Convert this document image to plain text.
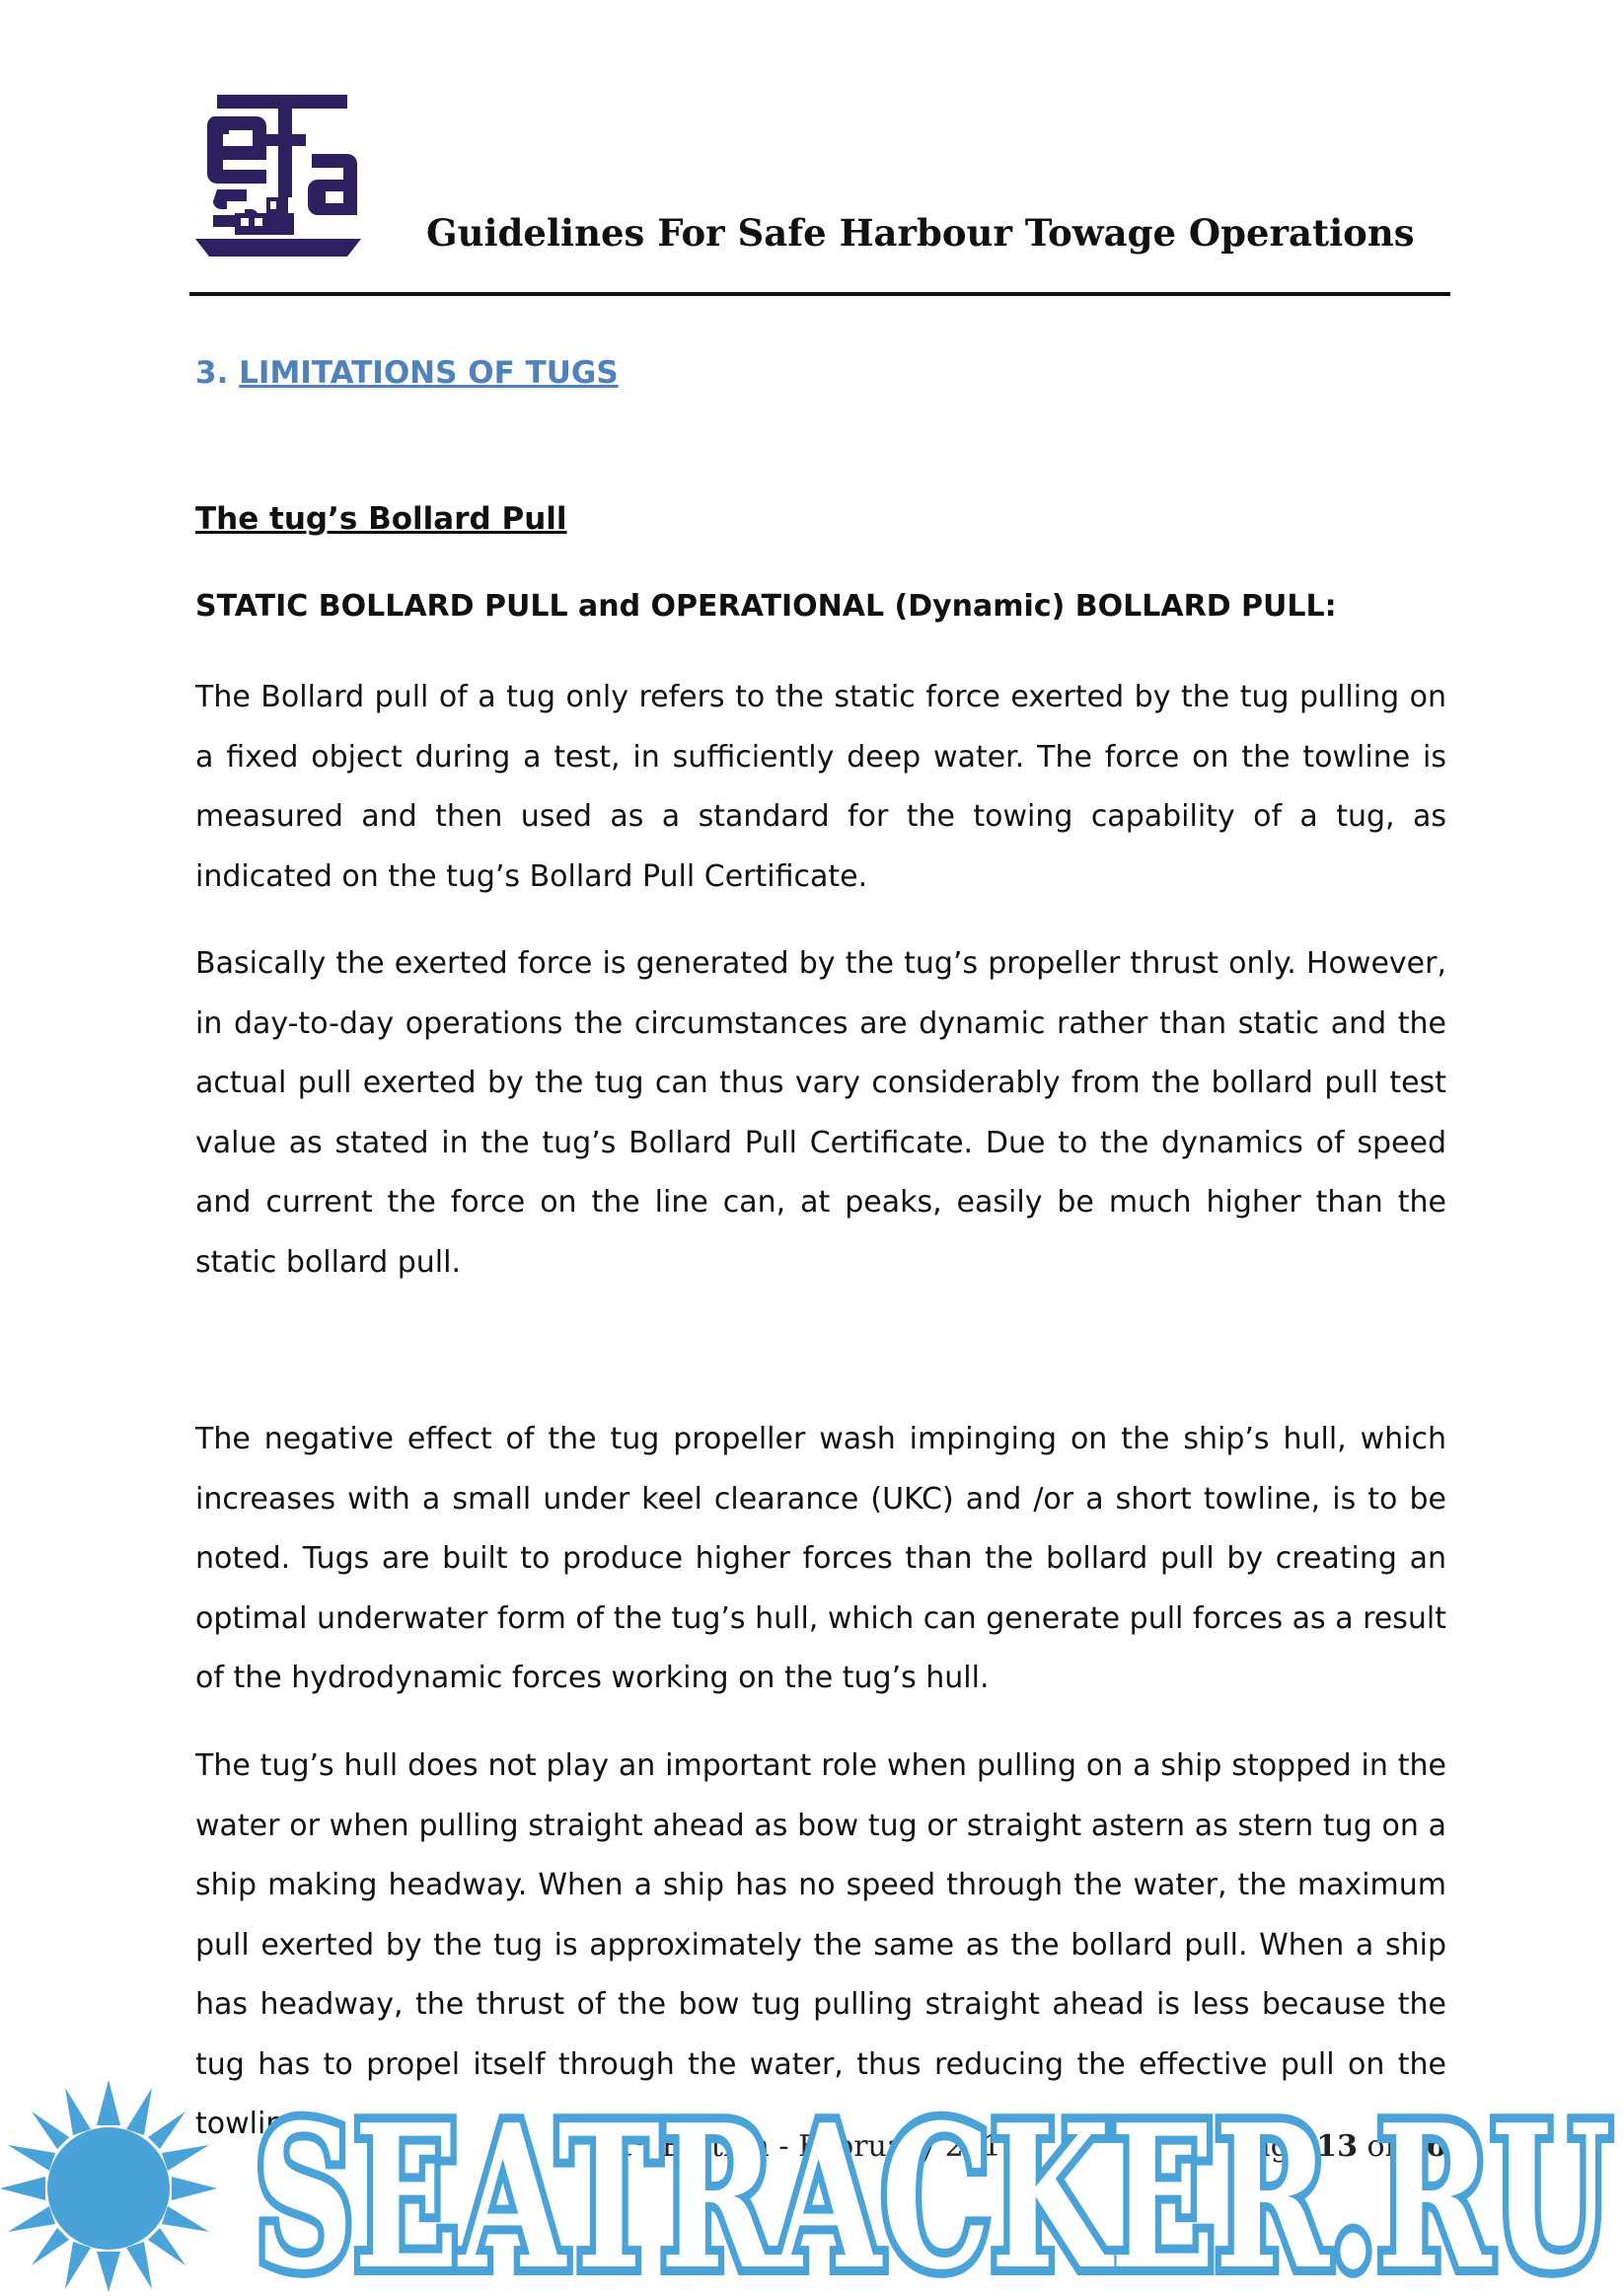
Guidelines For Safe Harbour Towage Operations
3. LIMITATIONS OF TUGS
The tug’s Bollard Pull
STATIC BOLLARD PULL and OPERATIONAL (Dynamic) BOLLARD PULL:

The Bollard pull of a tug only refers to the static force exerted by the tug pulling on a fixed object during a test, in sufficiently deep water. The force on the towline is measured and then used as a standard for the towing capability of a tug, as indicated on the tug’s Bollard Pull Certificate.

Basically the exerted force is generated by the tug’s propeller thrust only. However, in day-to-day operations the circumstances are dynamic rather than static and the actual pull exerted by the tug can thus vary considerably from the bollard pull test value as stated in the tug’s Bollard Pull Certificate. Due to the dynamics of speed and current the force on the line can, at peaks, easily be much higher than the static bollard pull.

The negative effect of the tug propeller wash impinging on the ship’s hull, which increases with a small under keel clearance (UKC) and /or a short towline, is to be noted. Tugs are built to produce higher forces than the bollard pull by creating an optimal underwater form of the tug’s hull, which can generate pull forces as a result of the hydrodynamic forces working on the tug’s hull.

The tug’s hull does not play an important role when pulling on a ship stopped in the water or when pulling straight ahead as bow tug or straight astern as stern tug on a ship making headway. When a ship has no speed through the water, the maximum pull exerted by the tug is approximately the same as the bollard pull. When a ship has headway, the thrust of the bow tug pulling straight ahead is less because the tug has to propel itself through the water, thus reducing the effective pull on the towline.

1st Edition - February 2015	Page 13 of 46
SEATRACKER.RU
